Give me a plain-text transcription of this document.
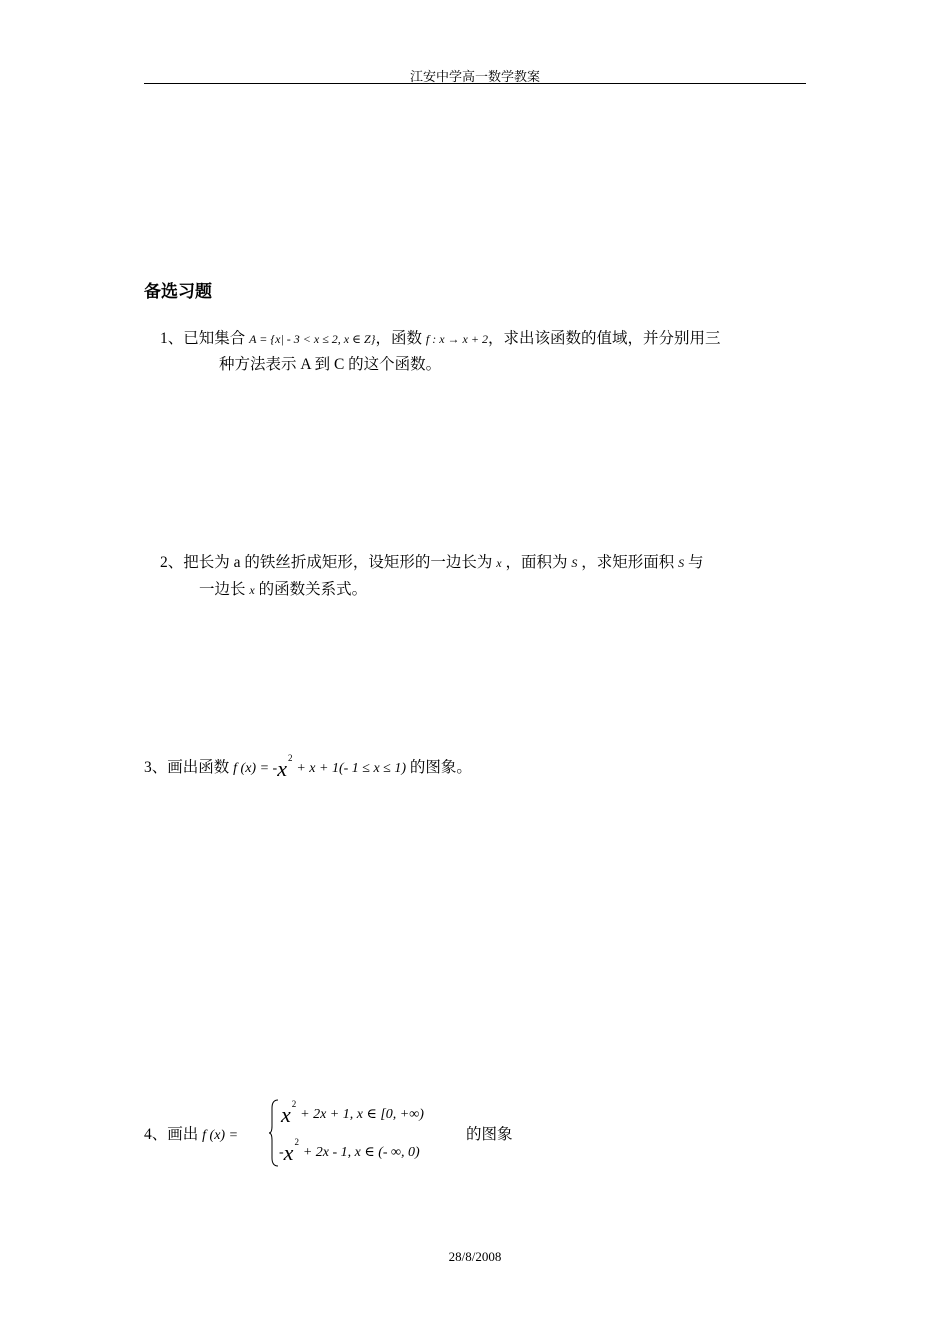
江安中学高一数学教案
备选习题
1、已知集合 A = {x| - 3 < x ≤ 2, x ∈ Z}，函数 f : x → x + 2，求出该函数的值域，并分别用三
种方法表示 A 到 C 的这个函数。
2、把长为 a 的铁丝折成矩形，设矩形的一边长为 x ，面积为 S ，求矩形面积 S 与
一边长 x 的函数关系式。
3、画出函数 f $(x) = -x^2 + x + 1(-$ 1 ≤ x ≤ 1) 的图象。
4、画出 f (x) =
$x^2 + 2x + 1$, x ∈ [0, +∞)
$-x^2 + 2x - 1$, x ∈ (- ∞, 0)
的图象
28/8/2008
